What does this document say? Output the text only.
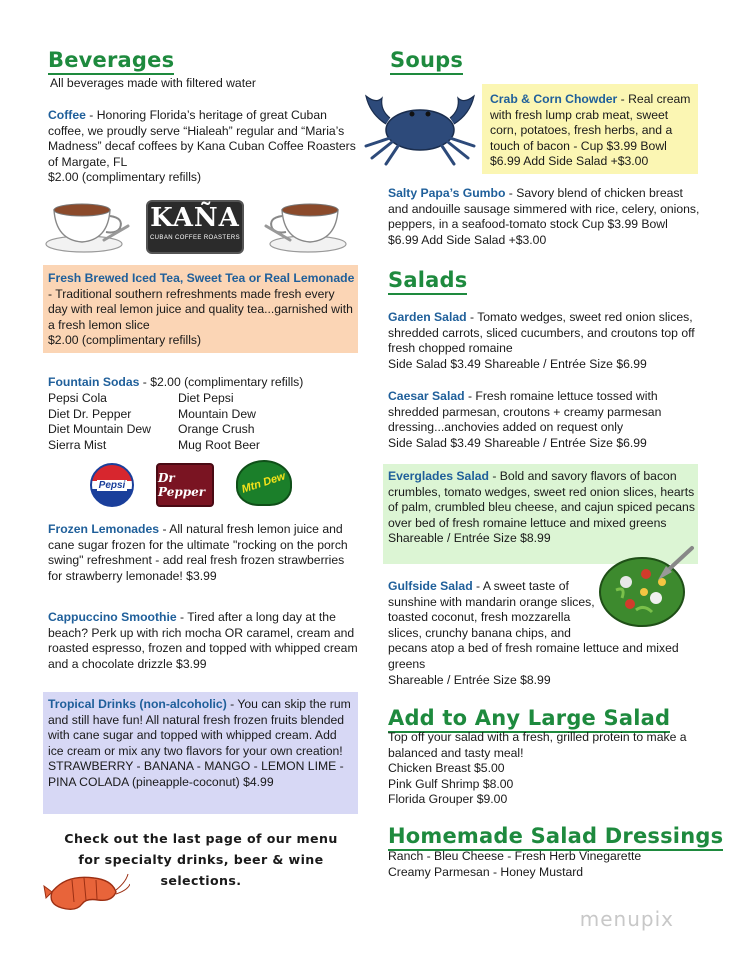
Beverages
All beverages made with filtered water
Coffee - Honoring Florida’s heritage of great Cuban coffee, we proudly serve “Hialeah” regular and “Maria’s Madness” decaf coffees by Kana Cuban Coffee Roasters of Margate, FL
$2.00 (complimentary refills)
KAÑA
CUBAN COFFEE ROASTERS
Fresh Brewed Iced Tea, Sweet Tea or Real Lemonade - Traditional southern refreshments made fresh every day with real lemon juice and quality tea...garnished with a fresh lemon slice
$2.00 (complimentary refills)
Fountain Sodas - $2.00 (complimentary refills)
Pepsi Cola	Diet Pepsi
Diet Dr. Pepper	Mountain Dew
Diet Mountain Dew	Orange Crush
Sierra Mist	Mug Root Beer
Pepsi	Dr Pepper	Mtn Dew
Frozen Lemonades - All natural fresh lemon juice and cane sugar frozen for the ultimate "rocking on the porch swing" refreshment - add real fresh frozen strawberries for strawberry lemonade! $3.99
Cappuccino Smoothie - Tired after a long day at the beach? Perk up with rich mocha OR caramel, cream and roasted espresso, frozen and topped with whipped cream and a chocolate drizzle $3.99
Tropical Drinks (non-alcoholic) - You can skip the rum and still have fun! All natural fresh frozen fruits blended with cane sugar and topped with whipped cream. Add ice cream or mix any two flavors for your own creation! STRAWBERRY - BANANA - MANGO - LEMON LIME - PINA COLADA (pineapple-coconut) $4.99
Check out the last page of our menu for specialty drinks, beer & wine selections.
Soups
Crab & Corn Chowder - Real cream with fresh lump crab meat, sweet corn, potatoes, fresh herbs, and a touch of bacon - Cup $3.99 Bowl $6.99 Add Side Salad +$3.00
Salty Papa’s Gumbo - Savory blend of chicken breast and andouille sausage simmered with rice, celery, onions, peppers, in a seafood-tomato stock Cup $3.99 Bowl $6.99 Add Side Salad +$3.00
Salads
Garden Salad - Tomato wedges, sweet red onion slices, shredded carrots, sliced cucumbers, and croutons top off fresh chopped romaine
Side Salad $3.49 Shareable / Entrée Size $6.99
Caesar Salad - Fresh romaine lettuce tossed with shredded parmesan, croutons + creamy parmesan dressing...anchovies added on request only
Side Salad $3.49 Shareable / Entrée Size $6.99
Everglades Salad - Bold and savory flavors of bacon crumbles, tomato wedges, sweet red onion slices, hearts of palm, crumbled bleu cheese, and cajun spiced pecans over bed of fresh romaine lettuce and mixed greens
Shareable / Entrée Size $8.99
Gulfside Salad - A sweet taste of sunshine with mandarin orange slices, toasted coconut, fresh mozzarella slices, crunchy banana chips, and pecans atop a bed of fresh romaine lettuce and mixed greens
Shareable / Entrée Size $8.99
Add to Any Large Salad
Top off your salad with a fresh, grilled protein to make a balanced and tasty meal!
Chicken Breast $5.00
Pink Gulf Shrimp $8.00
Florida Grouper $9.00
Homemade Salad Dressings
Ranch - Bleu Cheese - Fresh Herb Vinegarette
Creamy Parmesan - Honey Mustard
menupix
